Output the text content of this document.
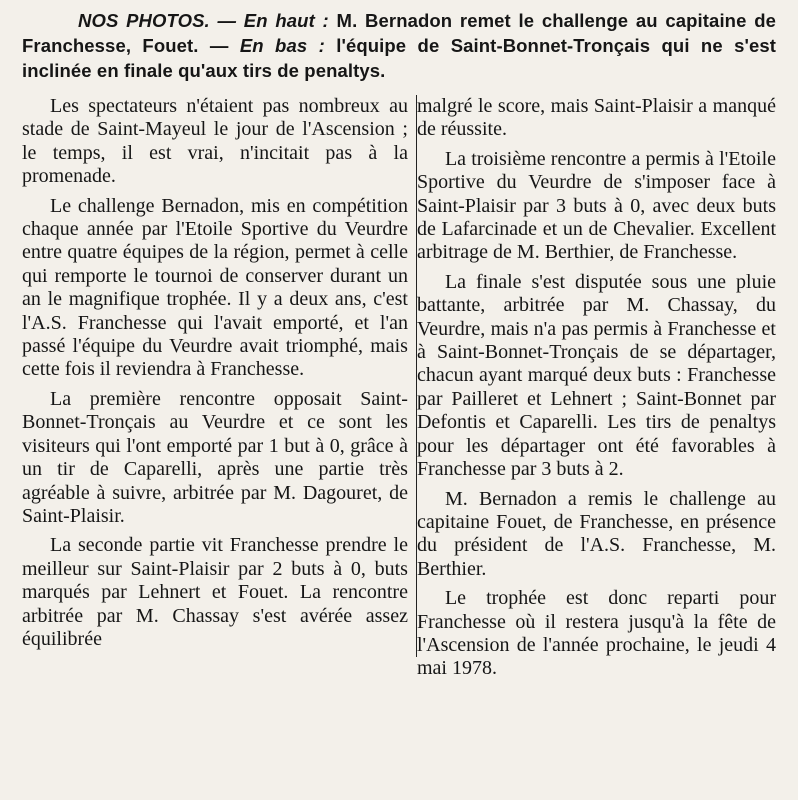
NOS PHOTOS. — En haut : M. Bernadon remet le challenge au capitaine de Franchesse, Fouet. — En bas : l'équipe de Saint-Bonnet-Tronçais qui ne s'est inclinée en finale qu'aux tirs de penaltys.

Les spectateurs n'étaient pas nombreux au stade de Saint-Mayeul le jour de l'Ascension ; le temps, il est vrai, n'incitait pas à la promenade.

Le challenge Bernadon, mis en compétition chaque année par l'Etoile Sportive du Veurdre entre quatre équipes de la région, permet à celle qui remporte le tournoi de conserver durant un an le magnifique trophée. Il y a deux ans, c'est l'A.S. Franchesse qui l'avait emporté, et l'an passé l'équipe du Veurdre avait triomphé, mais cette fois il reviendra à Franchesse.

La première rencontre opposait Saint-Bonnet-Tronçais au Veurdre et ce sont les visiteurs qui l'ont emporté par 1 but à 0, grâce à un tir de Caparelli, après une partie très agréable à suivre, arbitrée par M. Dagouret, de Saint-Plaisir.

La seconde partie vit Franchesse prendre le meilleur sur Saint-Plaisir par 2 buts à 0, buts marqués par Lehnert et Fouet. La rencontre arbitrée par M. Chassay s'est avérée assez équilibrée

malgré le score, mais Saint-Plaisir a manqué de réussite.

La troisième rencontre a permis à l'Etoile Sportive du Veurdre de s'imposer face à Saint-Plaisir par 3 buts à 0, avec deux buts de Lafarcinade et un de Chevalier. Excellent arbitrage de M. Berthier, de Franchesse.

La finale s'est disputée sous une pluie battante, arbitrée par M. Chassay, du Veurdre, mais n'a pas permis à Franchesse et à Saint-Bonnet-Tronçais de se départager, chacun ayant marqué deux buts : Franchesse par Pailleret et Lehnert ; Saint-Bonnet par Defontis et Caparelli. Les tirs de penaltys pour les départager ont été favorables à Franchesse par 3 buts à 2.

M. Bernadon a remis le challenge au capitaine Fouet, de Franchesse, en présence du président de l'A.S. Franchesse, M. Berthier.

Le trophée est donc reparti pour Franchesse où il restera jusqu'à la fête de l'Ascension de l'année prochaine, le jeudi 4 mai 1978.
